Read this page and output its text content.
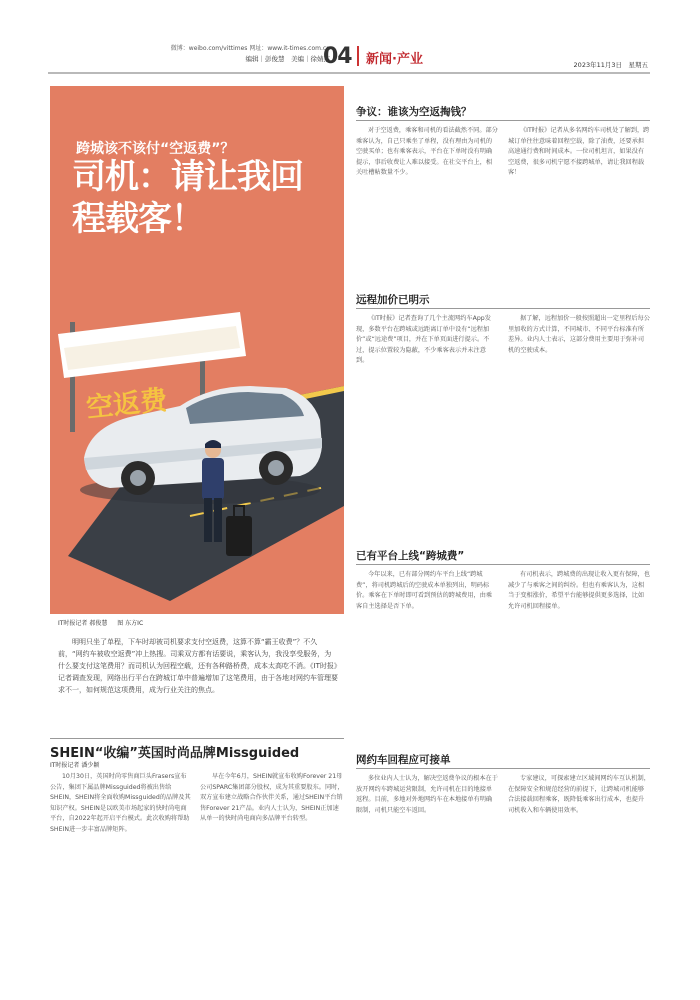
微博：weibo.com/vittimes 网址：www.it-times.com.cn
编辑｜彭俊慧　美编｜徐婧杰
04 新闻·产业	2023年11月3日　星期五
跨城该不该付“空返费”？
司机：请让我回程载客！
空返费
IT时报记者 郝俊慧 图 东方IC

明明只坐了单程，下车时却被司机要求支付空返费，这算不算“霸王收费”？不久前，“网约车被收空返费”冲上热搜。司乘双方都有话要说，乘客认为，我没享受服务，为什么要支付这笔费用？而司机认为回程空载，还有各种路桥费，成本太高吃不消。《IT时报》记者调查发现，网络出行平台在跨城订单中普遍增加了这笔费用，由于各地对网约车管理要求不一，如何规范这项费用，成为行业关注的焦点。

SHEIN“收编”英国时尚品牌Missguided
IT时报记者 潘少颖
10月30日，英国时尚零售商巨头Frasers宣布公告，集团下属品牌Missguided将被出售给SHEIN，SHEIN将全面收购Missguided的品牌及其知识产权。SHEIN是以欧美市场起家的快时尚电商平台，自2022年起开启平台模式。此次收购将帮助SHEIN进一步丰富品牌矩阵。
早在今年6月，SHEIN就宣布收购Forever 21母公司SPARC集团部分股权，成为其重要股东。同时，双方宣布建立战略合作伙伴关系，通过SHEIN平台销售Forever 21产品。业内人士认为，SHEIN正加速从单一的快时尚电商向多品牌平台转型。
争议：谁该为空返掏钱？
对于空返费，乘客和司机的看法截然不同。部分乘客认为，自己只乘坐了单程，没有理由为司机的空驶买单；也有乘客表示，平台在下单时没有明确提示，事后收费让人难以接受。在社交平台上，相关吐槽帖数量不少。
《IT时报》记者从多名网约车司机处了解到，跨城订单往往意味着回程空载，除了油费，还要承担高速通行费和时间成本。一位司机坦言，如果没有空返费，很多司机宁愿不接跨城单，请让我回程载客！
远程加价已明示
《IT时报》记者查询了几个主流网约车App发现，多数平台在跨城或远距离订单中设有“远程加价”或“远途费”项目，并在下单页面进行提示。不过，提示位置较为隐蔽，不少乘客表示并未注意到。
据了解，远程加价一般按照超出一定里程后每公里加收的方式计算，不同城市、不同平台标准有所差异。业内人士表示，这部分费用主要用于弥补司机的空驶成本。
已有平台上线“跨城费”
今年以来，已有部分网约车平台上线“跨城费”，将司机跨城后的空驶成本单独列出，明码标价。乘客在下单时即可看到预估的跨城费用，由乘客自主选择是否下单。
有司机表示，跨城费的出现让收入更有保障，也减少了与乘客之间的纠纷。但也有乘客认为，这相当于变相涨价，希望平台能够提供更多选择，比如允许司机回程接单。
网约车回程应可接单
多位业内人士认为，解决空返费争议的根本在于放开网约车跨城运营限制，允许司机在目的地接单返程。目前，多地对外地网约车在本地接单有明确限制，司机只能空车返回。
专家建议，可探索建立区域间网约车互认机制，在保障安全和规范经营的前提下，让跨城司机能够合法接载回程乘客，既降低乘客出行成本，也提升司机收入和车辆使用效率。
